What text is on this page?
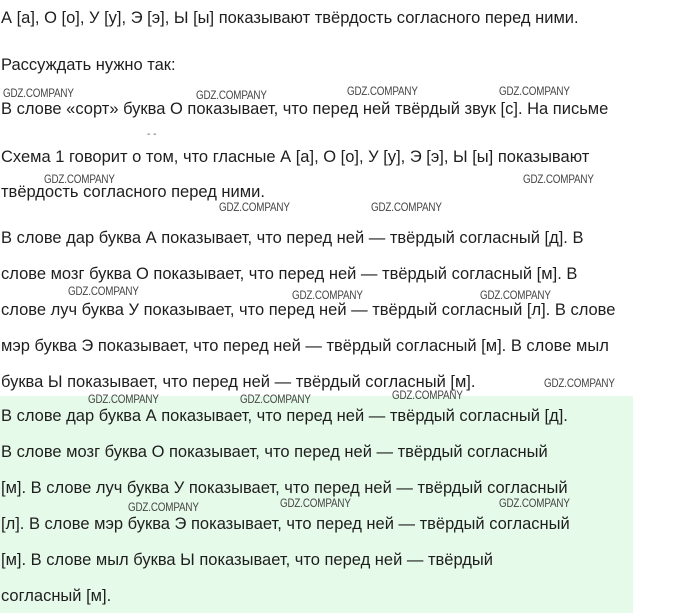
А [а], О [о], У [у], Э [э], Ы [ы] показывают твёрдость согласного перед ними.
Рассуждать нужно так:
В слове «сорт» буква О показывает, что перед ней твёрдый звук [с]. На письме
- -
Схема 1 говорит о том, что гласные А [а], О [о], У [у], Э [э], Ы [ы] показывают
твёрдость согласного перед ними.
В слове дар буква А показывает, что перед ней — твёрдый согласный [д]. В
слове мозг буква О показывает, что перед ней — твёрдый согласный [м]. В
слове луч буква У показывает, что перед ней — твёрдый согласный [л]. В слове
мэр буква Э показывает, что перед ней — твёрдый согласный [м]. В слове мыл
буква Ы показывает, что перед ней — твёрдый согласный [м].
В слове дар буква А показывает, что перед ней — твёрдый согласный [д].
В слове мозг буква О показывает, что перед ней — твёрдый согласный
[м]. В слове луч буква У показывает, что перед ней — твёрдый согласный
[л]. В слове мэр буква Э показывает, что перед ней — твёрдый согласный
[м]. В слове мыл буква Ы показывает, что перед ней — твёрдый
согласный [м].
GDZ.COMPANY	GDZ.COMPANY	GDZ.COMPANY	GDZ.COMPANY
GDZ.COMPANY	GDZ.COMPANY
GDZ.COMPANY	GDZ.COMPANY
GDZ.COMPANY	GDZ.COMPANY	GDZ.COMPANY
GDZ.COMPANY
GDZ.COMPANY	GDZ.COMPANY	GDZ.COMPANY
GDZ.COMPANY	GDZ.COMPANY	GDZ.COMPANY
